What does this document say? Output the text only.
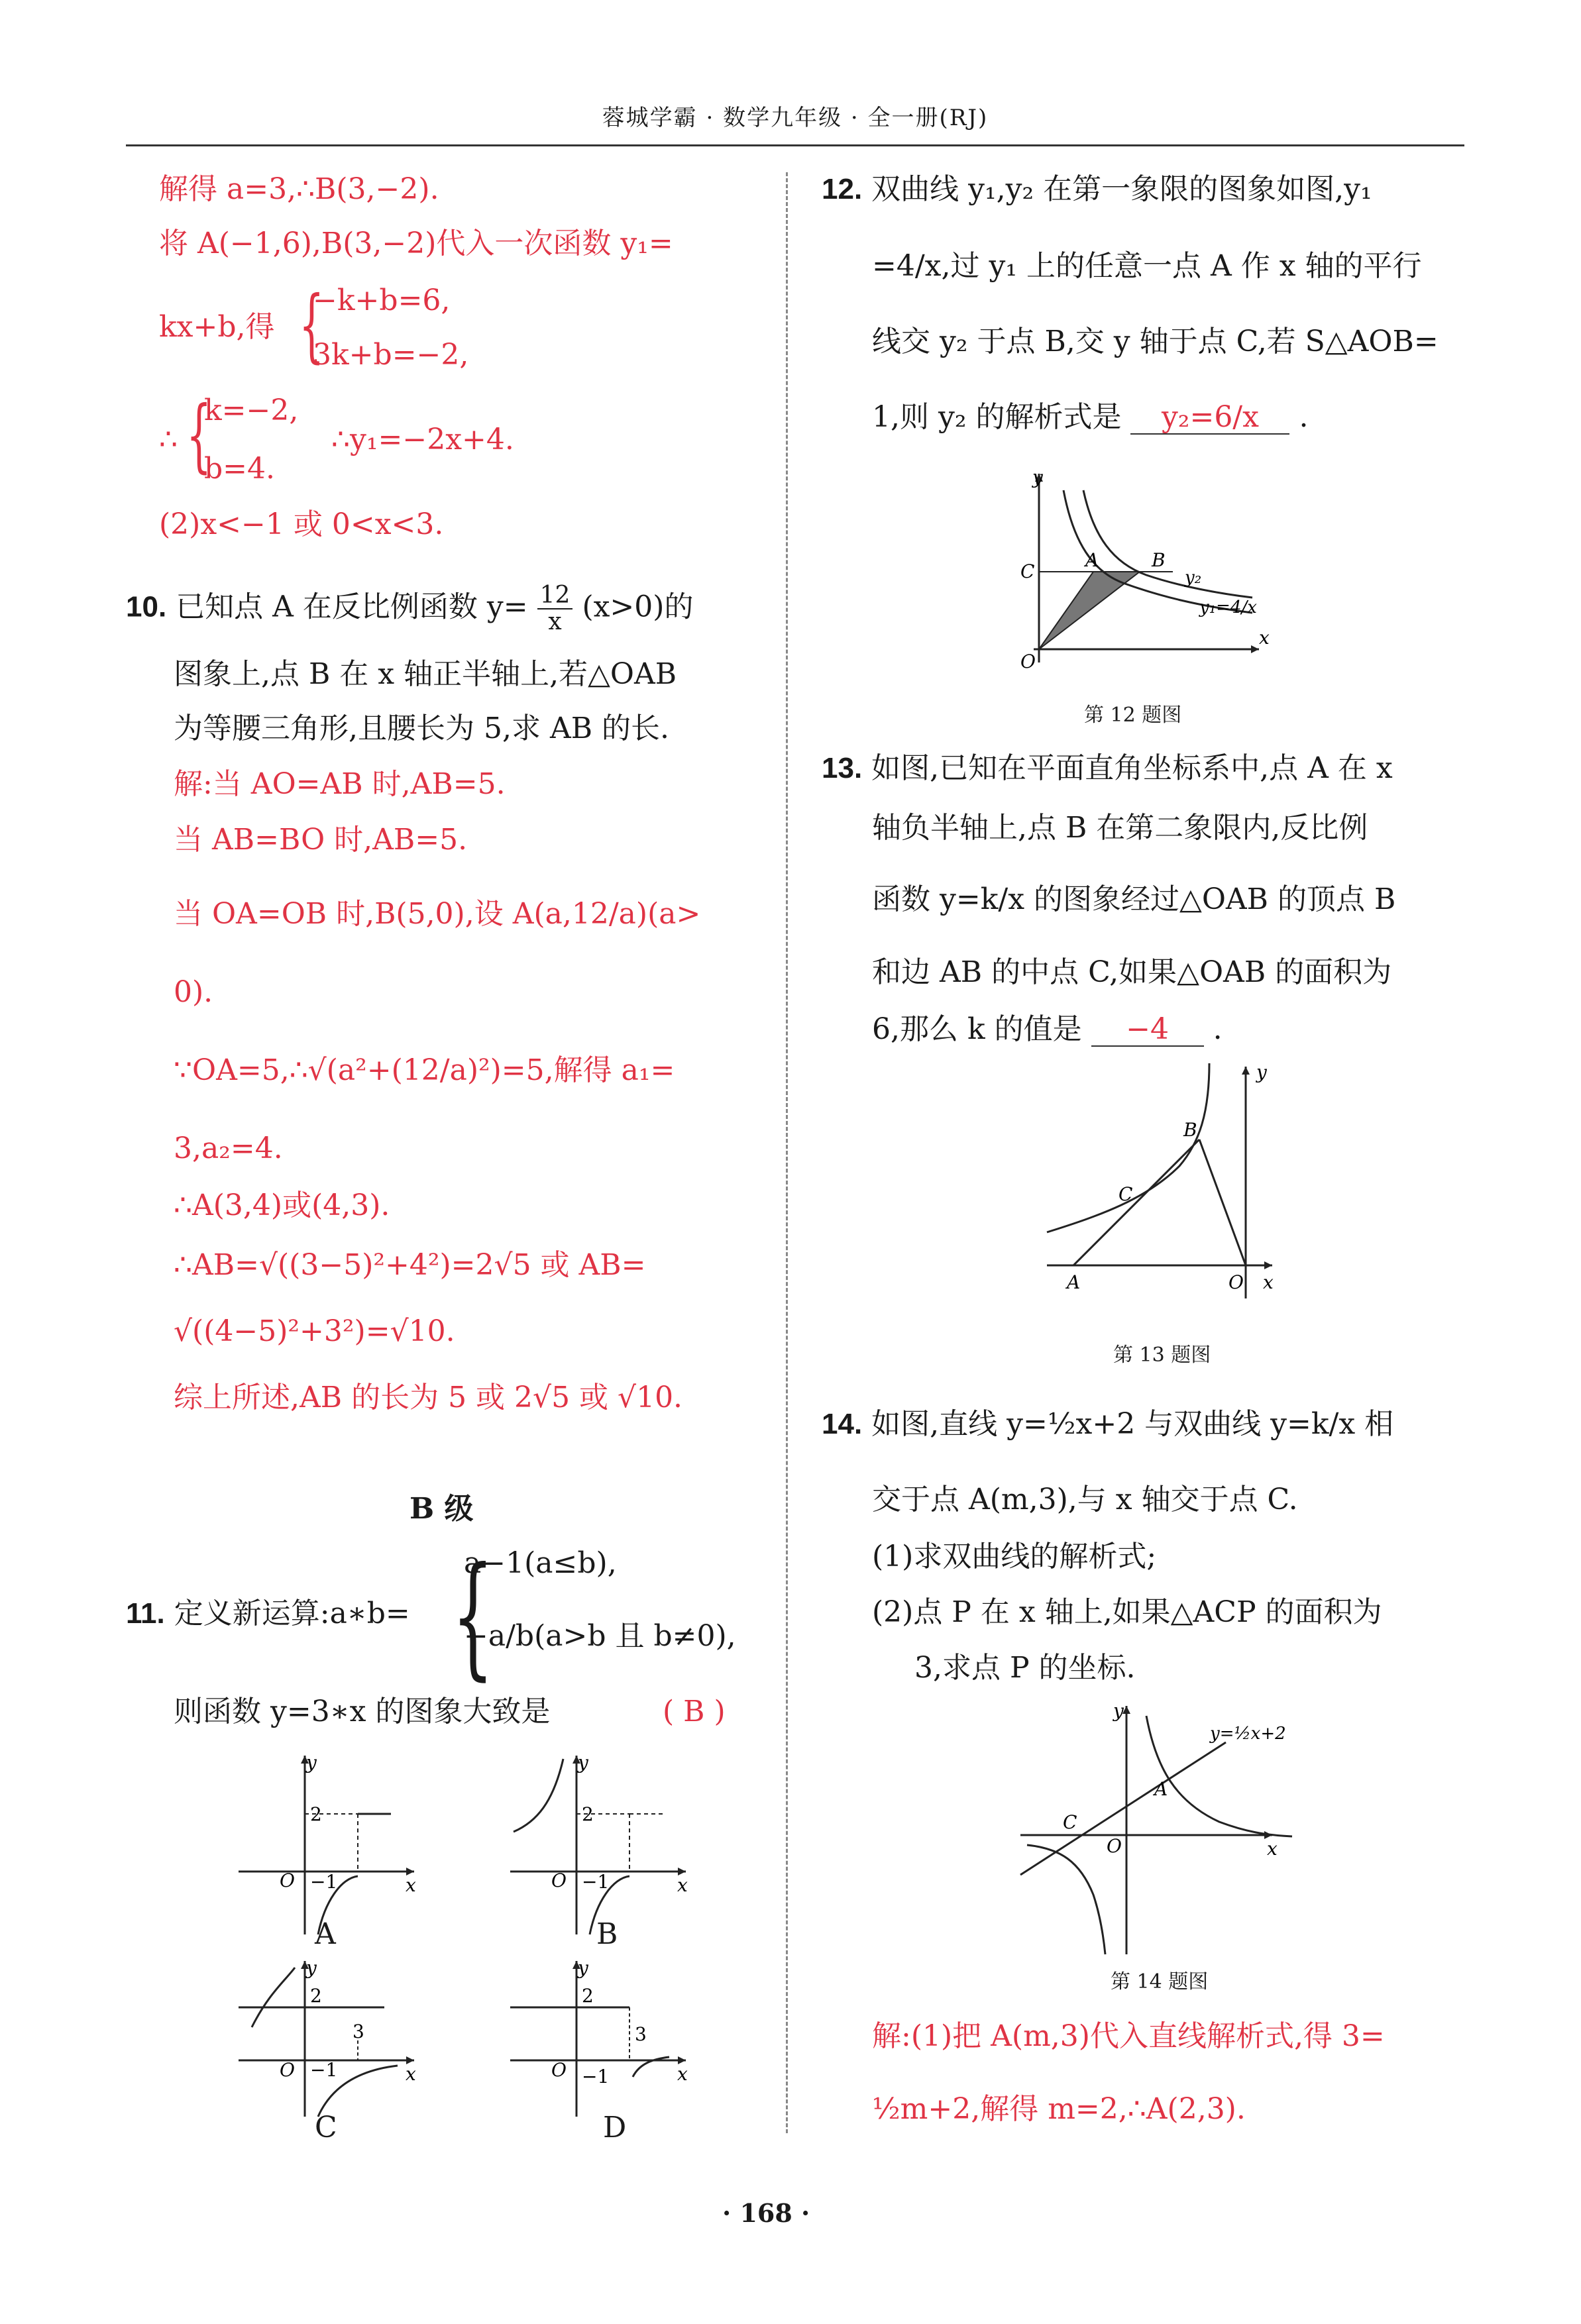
蓉城学霸 · 数学九年级 · 全一册(RJ)
解得 a=3,∴B(3,−2).
将 A(−1,6),B(3,−2)代入一次函数 y₁=
kx+b,得 {
−k+b=6,
3k+b=−2,
∴ {
k=−2,
b=4.
∴y₁=−2x+4.
(2)x<−1 或 0<x<3.
10. 已知点 A 在反比例函数 $y= \frac{12}{x} (x>0)$的
图象上,点 B 在 x 轴正半轴上,若△OAB
为等腰三角形,且腰长为 5,求 AB 的长.
解:当 AO=AB 时,AB=5.
当 AB=BO 时,AB=5.
当 OA=OB 时,B(5,0),设 A(a,12/a)(a>
0).
∵OA=5,∴√(a²+(12/a)²)=5,解得 a₁=
3,a₂=4.
∴A(3,4)或(4,3).
∴AB=√((3−5)²+4²)=2√5 或 AB=
√((4−5)²+3²)=√10.
综上所述,AB 的长为 5 或 2√5 或 √10.
B 级
11. 定义新运算:a∗b= {
a−1(a≤b),
−a/b(a>b 且 b≠0),
则函数 y=3∗x 的图象大致是	( B )
y
x
O
2
−1
A
y
x
O
2
−1
B
y
x
O
2
3
−1
C
y
x
O
2
3
−1
D
12. 双曲线 y₁,y₂ 在第一象限的图象如图,y₁
=4/x,过 y₁ 上的任意一点 A 作 x 轴的平行
线交 y₂ 于点 B,交 y 轴于点 C,若 S△AOB=
1,则 y₂ 的解析式是 y₂=6/x .
y
x
O
C
A	B
y₂
y₁=4/x
第 12 题图
13. 如图,已知在平面直角坐标系中,点 A 在 x
轴负半轴上,点 B 在第二象限内,反比例
函数 y=k/x 的图象经过△OAB 的顶点 B
和边 AB 的中点 C,如果△OAB 的面积为
6,那么 k 的值是 −4 .
y
x
O
A
B
C
第 13 题图
14. 如图,直线 y=½x+2 与双曲线 y=k/x 相
交于点 A(m,3),与 x 轴交于点 C.
(1)求双曲线的解析式;
(2)点 P 在 x 轴上,如果△ACP 的面积为
3,求点 P 的坐标.
y
x
O
A
C
y=½x+2
第 14 题图
解:(1)把 A(m,3)代入直线解析式,得 3=
½m+2,解得 m=2,∴A(2,3).
· 168 ·
